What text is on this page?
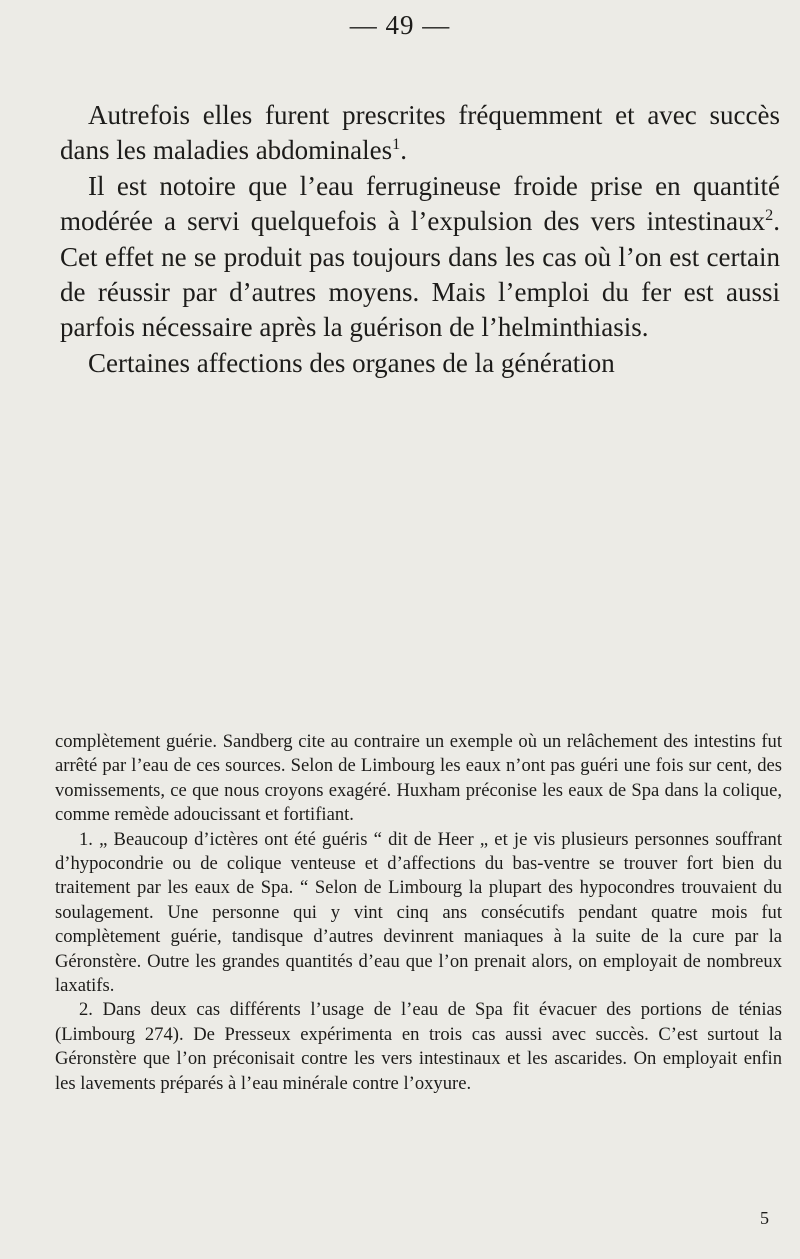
— 49 —

Autrefois elles furent prescrites fréquemment et avec succès dans les maladies abdominales$^1$.

Il est notoire que l’eau ferrugineuse froide prise en quantité modérée a servi quelquefois à l’expulsion des vers intestinaux$^2$. Cet effet ne se produit pas toujours dans les cas où l’on est certain de réussir par d’autres moyens. Mais l’emploi du fer est aussi parfois nécessaire après la guérison de l’helminthiasis.

Certaines affections des organes de la génération

complètement guérie. Sandberg cite au contraire un exemple où un relâchement des intestins fut arrêté par l’eau de ces sources. Selon de Limbourg les eaux n’ont pas guéri une fois sur cent, des vomissements, ce que nous croyons exagéré. Huxham préconise les eaux de Spa dans la colique, comme remède adoucissant et fortifiant.

1. „ Beaucoup d’ictères ont été guéris “ dit de Heer „ et je vis plusieurs personnes souffrant d’hypocondrie ou de colique venteuse et d’affections du bas-ventre se trouver fort bien du traitement par les eaux de Spa. “ Selon de Limbourg la plupart des hypocondres trouvaient du soulagement. Une personne qui y vint cinq ans consécutifs pendant quatre mois fut complètement guérie, tandisque d’autres devinrent maniaques à la suite de la cure par la Géronstère. Outre les grandes quantités d’eau que l’on prenait alors, on employait de nombreux laxatifs.

2. Dans deux cas différents l’usage de l’eau de Spa fit évacuer des portions de ténias (Limbourg 274). De Presseux expérimenta en trois cas aussi avec succès. C’est surtout la Géronstère que l’on préconisait contre les vers intestinaux et les ascarides. On employait enfin les lavements préparés à l’eau minérale contre l’oxyure.

5
